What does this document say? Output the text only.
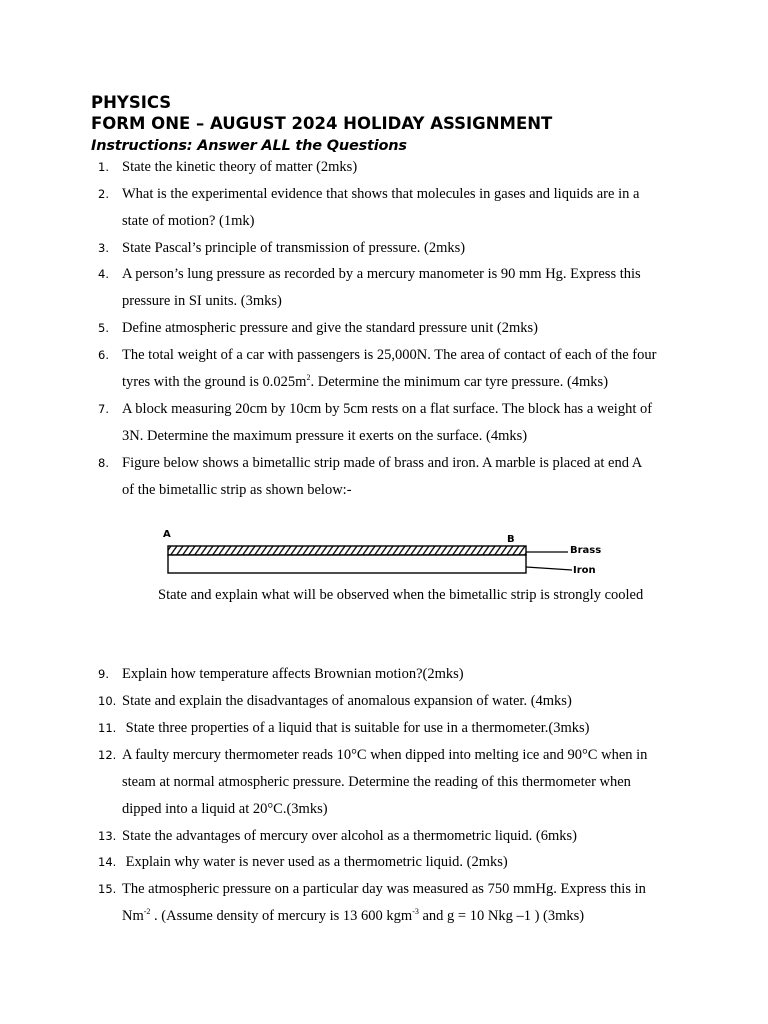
PHYSICS
FORM ONE – AUGUST 2024 HOLIDAY ASSIGNMENT

Instructions: Answer ALL the Questions

1. State the kinetic theory of matter (2mks)
2. What is the experimental evidence that shows that molecules in gases and liquids are in a
state of motion? (1mk)
3. State Pascal’s principle of transmission of pressure. (2mks)
4. A person’s lung pressure as recorded by a mercury manometer is 90 mm Hg. Express this
pressure in SI units. (3mks)
5. Define atmospheric pressure and give the standard pressure unit (2mks)
6. The total weight of a car with passengers is 25,000N. The area of contact of each of the four
tyres with the ground is $0.025m^2$. Determine the minimum car tyre pressure. (4mks)
7. A block measuring 20cm by 10cm by 5cm rests on a flat surface. The block has a weight of
3N. Determine the maximum pressure it exerts on the surface. (4mks)
8. Figure below shows a bimetallic strip made of brass and iron. A marble is placed at end A
of the bimetallic strip as shown below:-
A	B
Brass
Iron

State and explain what will be observed when the bimetallic strip is strongly cooled

9. Explain how temperature affects Brownian motion?(2mks)
10. State and explain the disadvantages of anomalous expansion of water. (4mks)
11. State three properties of a liquid that is suitable for use in a thermometer.(3mks)
12. A faulty mercury thermometer reads 10°C when dipped into melting ice and 90°C when in
steam at normal atmospheric pressure. Determine the reading of this thermometer when
dipped into a liquid at 20°C.(3mks)
13. State the advantages of mercury over alcohol as a thermometric liquid. (6mks)
14. Explain why water is never used as a thermometric liquid. (2mks)
15. The atmospheric pressure on a particular day was measured as 750 mmHg. Express this in
$Nm^{-2}$ . (Assume density of mercury is 13 600 kgm$^{-3}$ and g = 10 Nkg –1 ) (3mks)
